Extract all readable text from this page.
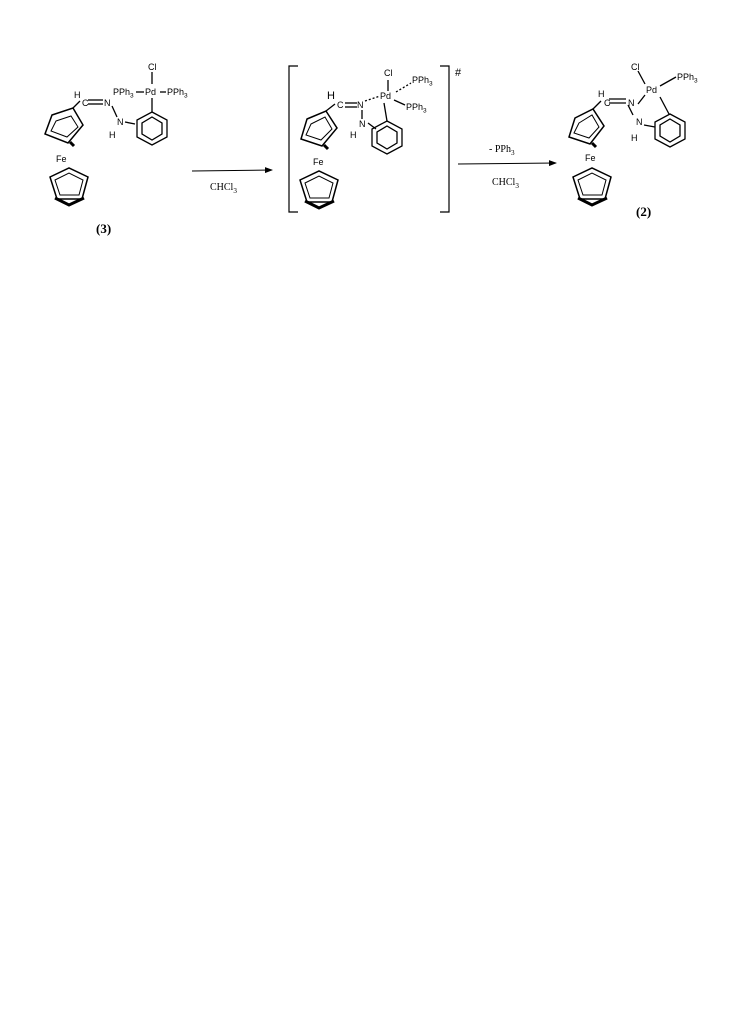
Cl
Pd
PPh$_3$	PPh$_3$
H
C N
N
H
Fe
(3)
CHCl$_3$
#
Cl
Pd
PPh$_3$
PPh$_3$
H
C N
N
H
Fe
- PPh$_3$
CHCl$_3$
Cl
Pd
PPh$_3$
H
C N
N
H
Fe
(2)
